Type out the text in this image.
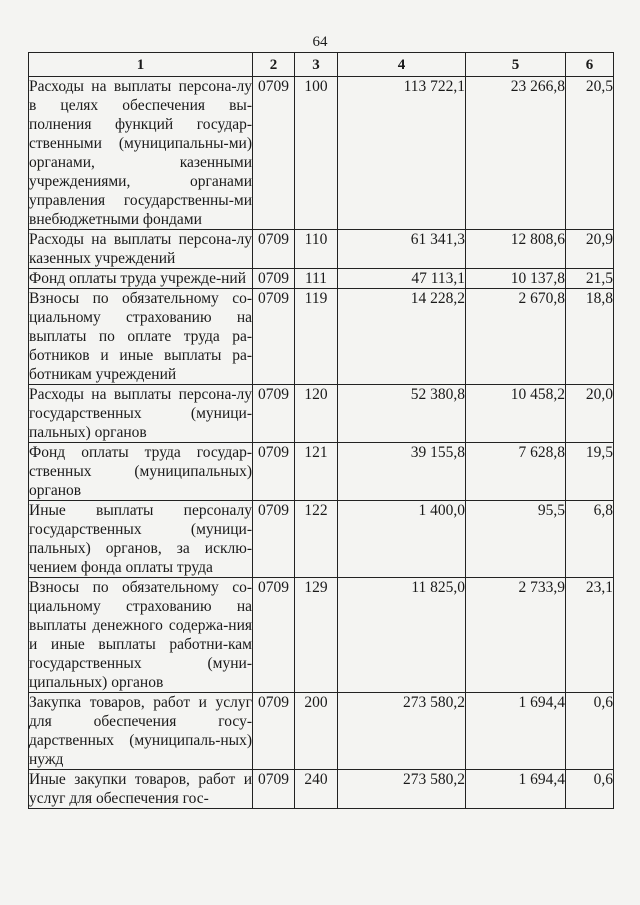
64
1	2	3	4	5	6
Расходы на выплаты персона-лу в целях обеспечения вы-полнения функций государ-ственными (муниципальны-ми) органами, казенными учреждениями, органами управления государственны-ми внебюджетными фондами	0709	100	113 722,1	23 266,8	20,5
Расходы на выплаты персона-лу казенных учреждений	0709	110	61 341,3	12 808,6	20,9
Фонд оплаты труда учрежде-ний	0709	111	47 113,1	10 137,8	21,5
Взносы по обязательному со-циальному страхованию на выплаты по оплате труда ра-ботников и иные выплаты ра-ботникам учреждений	0709	119	14 228,2	2 670,8	18,8
Расходы на выплаты персона-лу государственных (муници-пальных) органов	0709	120	52 380,8	10 458,2	20,0
Фонд оплаты труда государ-ственных (муниципальных) органов	0709	121	39 155,8	7 628,8	19,5
Иные выплаты персоналу государственных (муници-пальных) органов, за исклю-чением фонда оплаты труда	0709	122	1 400,0	95,5	6,8
Взносы по обязательному со-циальному страхованию на выплаты денежного содержа-ния и иные выплаты работни-кам государственных (муни-ципальных) органов	0709	129	11 825,0	2 733,9	23,1
Закупка товаров, работ и услуг для обеспечения госу-дарственных (муниципаль-ных) нужд	0709	200	273 580,2	1 694,4	0,6
Иные закупки товаров, работ и услуг для обеспечения гос-	0709	240	273 580,2	1 694,4	0,6
